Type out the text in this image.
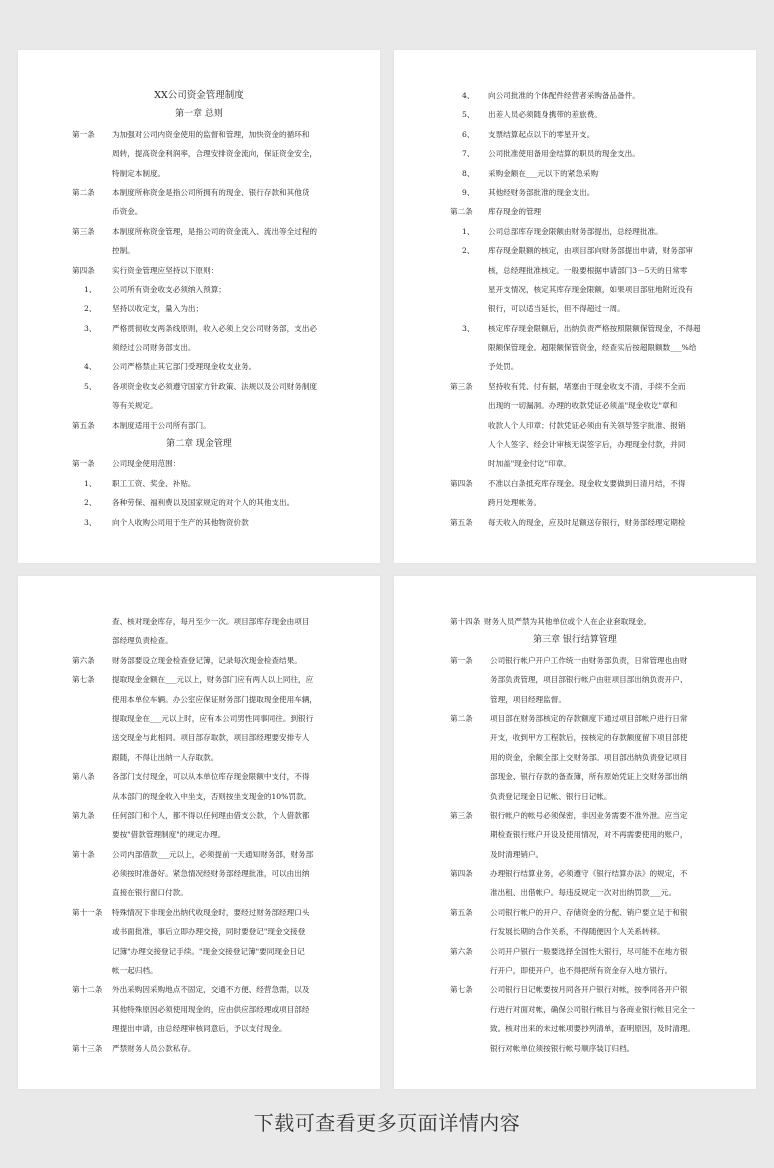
XX公司资金管理制度
第一章 总则
第一条 为加强对公司内资金使用的监督和管理，加快资金的循环和
周转，提高资金利润率，合理安排资金流向，保证资金安全，
特制定本制度。
第二条 本制度所称资金是指公司所拥有的现金、银行存款和其他货
币资金。
第三条 本制度所称资金管理，是指公司的资金流入、流出等全过程的
控制。
第四条 实行资金管理应坚持以下原则：
1、 公司所有资金收支必须纳入预算；
2、 坚持以收定支，量入为出；
3、 严格贯彻收支两条线原则，收入必须上交公司财务部，支出必
须经过公司财务部支出。
4、 公司严格禁止其它部门受理现金收支业务。
5、 各项资金收支必须遵守国家方针政策、法规以及公司财务制度
等有关规定。
第五条 本制度适用于公司所有部门。
第二章 现金管理
第一条 公司现金使用范围：
1、 职工工资、奖金、补贴。
2、 各种劳保、福利费以及国家规定的对个人的其他支出。
3、 向个人收购公司用于生产的其他物资价款
4、 向公司批准的个体配件经营者采购备品备件。
5、 出差人员必须随身携带的差旅费。
6、 支票结算起点以下的零星开支。
7、 公司批准使用备用金结算的职员的现金支出。
8、 采购金额在___元以下的紧急采购
9、 其他经财务部批准的现金支出。
第二条 库存现金的管理
1、 公司总部库存现金限额由财务部提出，总经理批准。
2、 库存现金限额的核定，由项目部向财务部提出申请，财务部审
核，总经理批准核定。一般要根据申请部门3－5天的日常零
星开支情况，核定其库存现金限额，如果项目部驻地附近没有
银行，可以适当延长，但不得超过一周。
3、 核定库存现金限额后，出纳负责严格按照限额保管现金，不得超
限额保管现金。超限额保管资金，经查实后按超限额数___%给
予处罚。
第三条 坚持收有凭、付有据，堵塞由于现金收支不清、手续不全而
出现的一切漏洞。办理的收款凭证必须盖"现金收讫"章和
收款人个人印章；付款凭证必须由有关领导签字批准、报销
人个人签字、经会计审核无误签字后，办理现金付款，并同
时加盖"现金付讫"印章。
第四条 不准以白条抵充库存现金。现金收支要做到日清月结，不得
跨月处理帐务。
第五条 每天收入的现金，应及时足额送存银行，财务部经理定期检
查、核对现金库存，每月至少一次。项目部库存现金由项目
部经理负责检查。
第六条 财务部要设立现金检查登记簿，记录每次现金检查结果。
第七条 提取现金金额在___元以上，财务部门应有两人以上同往，应
使用本单位车辆。办公室应保证财务部门提取现金使用车辆，
提取现金在___元以上时，应有本公司男性同事同往。到银行
送交现金与此相同。项目部存取款，项目部经理要安排专人
跟随，不得让出纳一人存取款。
第八条 各部门支付现金，可以从本单位库存现金限额中支付，不得
从本部门的现金收入中坐支，否则按坐支现金的10%罚款。
第九条 任何部门和个人，都不得以任何理由借支公款，个人借款都
要按"借款管理制度"的规定办理。
第十条 公司内部借款___元以上，必须提前一天通知财务部，财务部
必须按时准备好。紧急情况经财务部经理批准，可以由出纳
直接在银行窗口付款。
第十一条 特殊情况下非现金出纳代收现金时，要经过财务部经理口头
或书面批准，事后立即办理交接，同时要登记"现金交接登
记簿"办理交接登记手续。"现金交接登记簿"要同现金日记
帐一起归档。
第十二条 外出采购因采购地点不固定，交通不方便、经营急需，以及
其他特殊原因必须使用现金的，应由供应部经理或项目部经
理提出申请，由总经理审核同意后，予以支付现金。
第十三条 严禁财务人员公款私存。
第十四条 财务人员严禁为其他单位或个人在企业套取现金。
第三章 银行结算管理
第一条 公司银行帐户开户工作统一由财务部负责，日常管理也由财
务部负责管理，项目部银行帐户由驻项目部出纳负责开户、
管理，项目经理监督。
第二条 项目部在财务部核定的存款额度下通过项目部帐户进行日常
开支，收到甲方工程款后，按核定的存款额度留下项目部使
用的资金，余额全部上交财务部。项目部出纳负责登记项目
部现金、银行存款的备查簿，所有原始凭证上交财务部出纳
负责登记现金日记帐、银行日记帐。
第三条 银行帐户的帐号必须保密，非因业务需要不准外泄。应当定
期检查银行账户开设及使用情况，对不再需要使用的账户，
及时清理销户。
第四条 办理银行结算业务，必须遵守《银行结算办法》的规定，不
准出租、出借帐户。每违反规定一次对出纳罚款___元。
第五条 公司银行帐户的开户、存储资金的分配、销户要立足于和银
行发展长期的合作关系，不得随便因个人关系转移。
第六条 公司开户银行一般要选择全国性大银行，尽可能不在地方银
行开户，即使开户，也不得把所有资金存入地方银行。
第七条 公司银行日记帐要按月同各开户银行对帐，按季同各开户银
行进行对面对帐，确保公司银行帐目与各商业银行帐目完全一
致。核对出来的未过帐项要抄列清单，查明原因，及时清理。
银行对帐单位须按银行帐号顺序装订归档。
下载可查看更多页面详情内容
